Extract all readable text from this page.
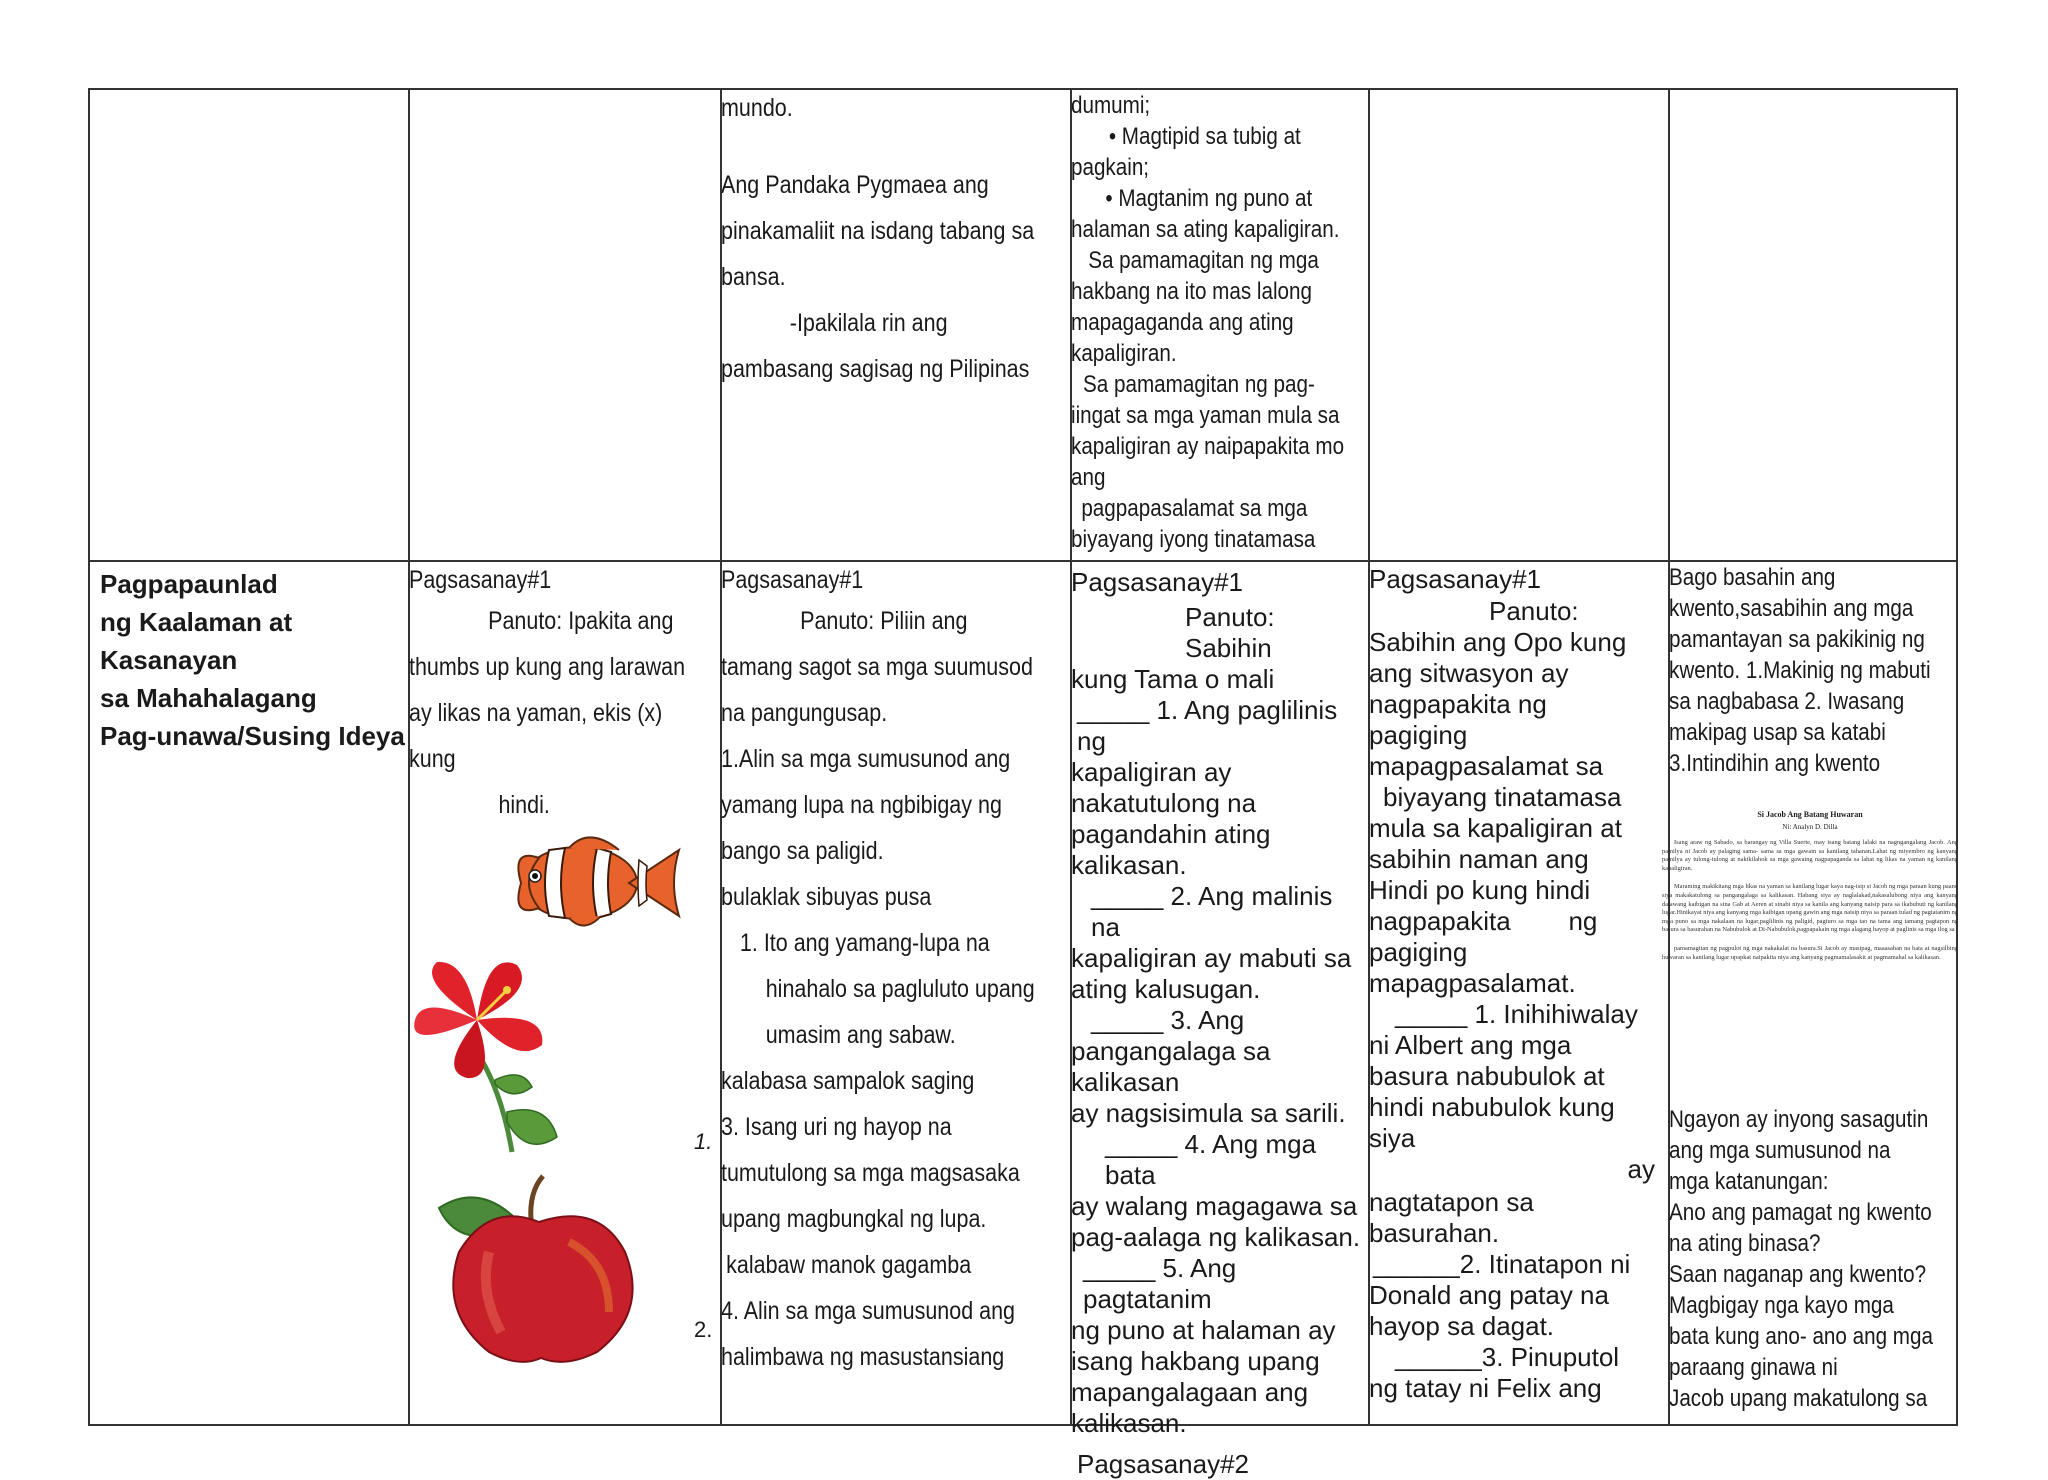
mundo.

Ang Pandaka Pygmaea ang

pinakamaliit na isdang tabang sa

bansa.

-Ipakilala rin ang

pambasang sagisag ng Pilipinas

dumumi;

• Magtipid sa tubig at

pagkain;

• Magtanim ng puno at

halaman sa ating kapaligiran.

Sa pamamagitan ng mga

hakbang na ito mas lalong

mapagaganda ang ating

kapaligiran.

Sa pamamagitan ng pag-

iingat sa mga yaman mula sa

kapaligiran ay naipapakita mo

ang

pagpapasalamat sa mga

biyayang iyong tinatamasa

Pagpapaunlad

ng Kaalaman at

Kasanayan

sa Mahahalagang

Pag-unawa/Susing Ideya

Pagsasanay#1

Panuto: Ipakita ang

thumbs up kung ang larawan

ay likas na yaman, ekis (x)

kung

hindi.

Pagsasanay#1

Panuto: Piliin ang

tamang sagot sa mga suumusod

na pangungusap.

1.Alin sa mga sumusunod ang

yamang lupa na ngbibigay ng

bango sa paligid.

bulaklak sibuyas pusa

1. Ito ang yamang-lupa na

hinahalo sa pagluluto upang

umasim ang sabaw.

kalabasa sampalok saging

3. Isang uri ng hayop na

tumutulong sa mga magsasaka

upang magbungkal ng lupa.

kalabaw manok gagamba

4. Alin sa mga sumusunod ang

halimbawa ng masustansiang

1.
2.

Pagsasanay#1

Panuto: Sabihin

kung Tama o mali

_____ 1. Ang paglilinis ng

kapaligiran ay

nakatutulong na

pagandahin ating

kalikasan.

_____ 2. Ang malinis na

kapaligiran ay mabuti sa

ating kalusugan.

_____ 3. Ang

pangangalaga sa kalikasan

ay nagsisimula sa sarili.

_____ 4. Ang mga bata

ay walang magagawa sa

pag-aalaga ng kalikasan.

_____ 5. Ang pagtatanim

ng puno at halaman ay

isang hakbang upang

mapangalagaan ang

kalikasan.

Pagsasanay#2

Pagsasanay#1

Panuto:

Sabihin ang Opo kung

ang sitwasyon ay

nagpapakita ng

pagiging

mapagpasalamat sa

biyayang tinatamasa

mula sa kapaligiran at

sabihin naman ang

Hindi po kung hindi

nagpapakita        ng

pagiging

mapagpasalamat.

_____ 1. Inihihiwalay

ni Albert ang mga

basura nabubulok at

hindi nabubulok kung

siya

ay

nagtatapon sa

basurahan.

______2. Itinatapon ni

Donald ang patay na

hayop sa dagat.

______3. Pinuputol

ng tatay ni Felix ang

Bago basahin ang

kwento,sasabihin ang mga

pamantayan sa pakikinig ng

kwento. 1.Makinig ng mabuti

sa nagbabasa 2. Iwasang

makipag usap sa katabi

3.Intindihin ang kwento

Si Jacob Ang Batang Huwaran

Ni: Analyn D. Dilla

Isang araw ng Sabado, sa barangay ng Villa Suerte, may isang batang lalaki na nagngangalang Jacob. Ang pamilya ni Jacob ay palaging sama- sama sa mga gawain sa kanilang tahanan.Lahat ng miyembro ng kanyang pamilya ay tulong-tulong at nakikilahok sa mga gawaing nagpapaganda sa lahat ng likas na yaman ng kanilang kapaligiran.

Maraming makikitang mga likas na yaman sa kanilang lugar kaya nag-isip si Jacob ng mga paraan kung paano siya makakatulong sa pangangalaga sa kalikasan. Habang siya ay naglalakad,nakasalubong niya ang kanyang dalawang kaibigan na sina Gab at Aeren at sinabi niya sa kanila ang kanyang naisip para sa ikabubuti ng kanilang lugar.Hinikayat niya ang kanyang mga kaibigan upang gawin ang mga naisip niya sa paraan tulad ng pagtatanim ng mga puno sa mga nakalaan na lugar,paglilinis ng paligid, pagturo sa mga tao na tama ang tamang pagtapon ng basura sa basurahan na Nabubulok at Di-Nabubulok,pagpapakain ng mga alagang hayop at paglinis sa mga ilog sa

pamamagitan ng pagpulot ng mga nakakalat na basura.Si Jacob ay masipag, maaasahan na bata at nagsilbing huwaran sa kanilang lugar upapkat naipakita niya ang kanyang pagmamalasakit at pagmamahal sa kalikasan.

Ngayon ay inyong sasagutin

ang mga sumusunod na

mga katanungan:

Ano ang pamagat ng kwento

na ating binasa?

Saan naganap ang kwento?

Magbigay nga kayo mga

bata kung ano- ano ang mga

paraang ginawa ni

Jacob upang makatulong sa
